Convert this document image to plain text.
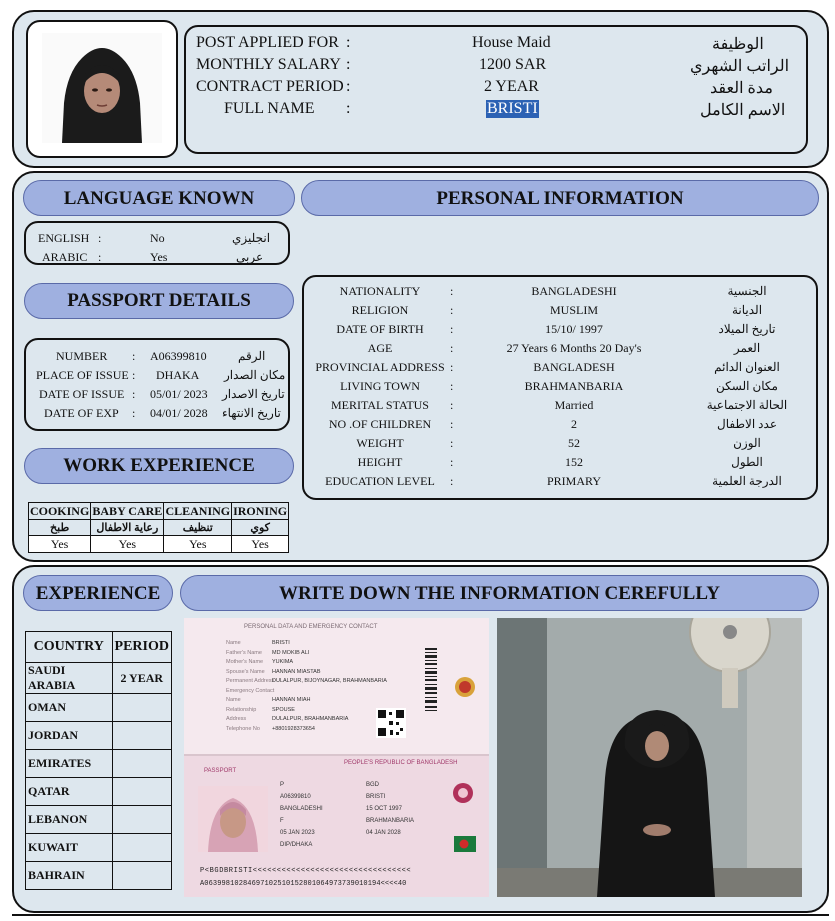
POST APPLIED FOR :	House Maid	الوظيفة
MONTHLY SALARY :	1200 SAR	الراتب الشهري
CONTRACT PERIOD :	2 YEAR	مدة العقد
FULL NAME :	BRISTI	الاسم الكامل
LANGUAGE KNOWN	PERSONAL INFORMATION
ENGLISH :	No	انجليزي
ARABIC :	Yes	عربي
PASSPORT DETAILS
NUMBER : A06399810	الرقم
PLACE OF ISSUE : DHAKA مكان الصدار
DATE OF ISSUE : 05/01/ 2023 تاريخ الاصدار
DATE OF EXP : 04/01/ 2028 تاريخ الانتهاء
WORK EXPERIENCE
COOKING	BABY CARE	CLEANING	IRONING
طبخ	رعاية الاطفال	تنظيف	كوي
Yes	Yes	Yes	Yes
NATIONALITY	:	BANGLADESHI	الجنسية
RELIGION	:	MUSLIM	الديانة
DATE OF BIRTH	:	15/10/ 1997	تاريخ الميلاد
AGE	:	27 Years 6 Months 20 Day's	العمر
PROVINCIAL ADDRESS :	BANGLADESH	العنوان الدائم
LIVING TOWN	:	BRAHMANBARIA	مكان السكن
MERITAL STATUS	:	Married	الحالة الاجتماعية
NO .OF CHILDREN	:	2	عدد الاطفال
WEIGHT	:	52	الوزن
HEIGHT	:	152	الطول
EDUCATION LEVEL	:	PRIMARY	الدرجة العلمية
EXPERIENCE	WRITE DOWN THE INFORMATION CEREFULLY
COUNTRY	PERIOD
SAUDI ARABIA	2 YEAR
OMAN	
JORDAN	
EMIRATES	
QATAR	
LEBANON	
KUWAIT	
BAHRAIN	
PERSONAL DATA AND EMERGENCY CONTACT
Name	BRISTI
Father's Name MD MOKIB ALI
Mother's Name YUKIMA
Spouse's Name HANNAN MIASTAB
Permanent AddressDULALPUR, BIJOYNAGAR, BRAHMANBARIA
Emergency Contact
Name	HANNAN MIAH
Relationship	SPOUSE
Address	DULALPUR, BRAHMANBARIA
Telephone No +8801928373654
PASSPORT
PEOPLE'S REPUBLIC OF BANGLADESH
P	BGD
A06399810	BRISTI
BANGLADESHI	15 OCT 1997
F	BRAHMANBARIA
05 JAN 2023	04 JAN 2028
DIP/DHAKA
P<BGDBRISTI<<<<<<<<<<<<<<<<<<<<<<<<<<<<<<<<<
A06399810284697102510152801064973739010194<<<<40
